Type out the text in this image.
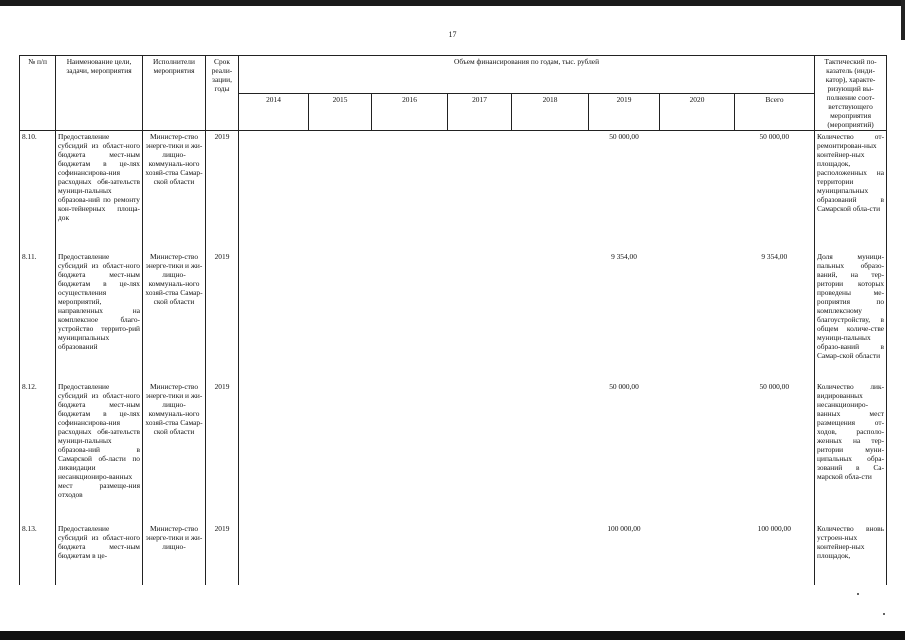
17
№ п/п	Наименование цели, задачи, мероприятия	Исполнители мероприятия	Срок реали-зации, годы	Объем финансирования по годам, тыс. рублей								Тактический по-казатель (инди-катор), характе-ризующий вы-полнение соот-ветствующего мероприятия (мероприятий)
				2014	2015	2016	2017	2018	2019	2020	Всего	
8.10.	Предоставление субсидий из област-ного бюджета мест-ным бюджетам в це-лях софинансирова-ния расходных обя-зательств муници-пальных образова-ний по ремонту кон-тейнерных площа-док	Министер-ство энерге-тики и жи-лищно-коммуналь-ного хозяй-ства Самар-ской области	2019						50 000,00		50 000,00	Количество от-ремонтирован-ных контейнер-ных площадок, расположенных на территории муниципальных образований в Самарской обла-сти
8.11.	Предоставление субсидий из област-ного бюджета мест-ным бюджетам в це-лях осуществления мероприятий, направленных на комплексное благо-устройство террито-рий муниципальных образований	Министер-ство энерге-тики и жи-лищно-коммуналь-ного хозяй-ства Самар-ской области	2019						9 354,00		9 354,00	Доля муници-пальных образо-ваний, на тер-ритории которых проведены ме-роприятия по комплексному благоустройству, в общем количе-стве муници-пальных образо-ваний в Самар-ской области
8.12.	Предоставление субсидий из област-ного бюджета мест-ным бюджетам в це-лях софинансирова-ния расходных обя-зательств муници-пальных образова-ний в Самарской об-ласти по ликвидации несанкциониро-ванных мест размеще-ния отходов	Министер-ство энерге-тики и жи-лищно-коммуналь-ного хозяй-ства Самар-ской области	2019						50 000,00		50 000,00	Количество лик-видированных несанкциониро-ванных мест размещения от-ходов, располо-женных на тер-ритории муни-ципальных обра-зований в Са-марской обла-сти
8.13.	Предоставление субсидий из област-ного бюджета мест-ным бюджетам в це-	Министер-ство энерге-тики и жи-лищно-	2019						100 000,00		100 000,00	Количество вновь устроен-ных контейнер-ных площадок,
